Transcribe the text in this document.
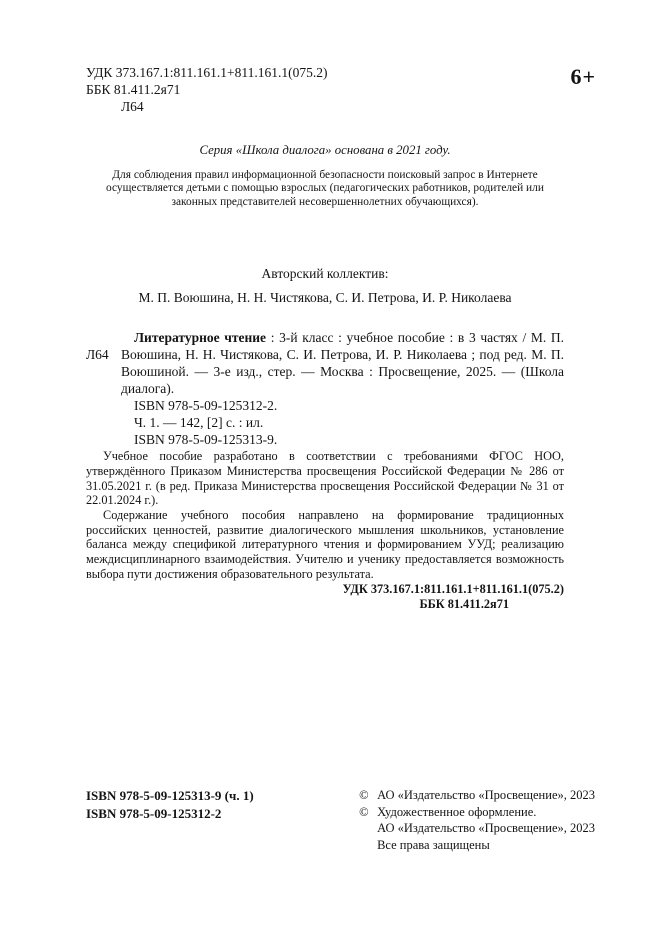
6+
УДК 373.167.1:811.161.1+811.161.1(075.2)
ББК 81.411.2я71
Л64

Серия «Школа диалога» основана в 2021 году.

Для соблюдения правил информационной безопасности поисковый запрос в Интернете осуществляется детьми с помощью взрослых (педагогических работников, родителей или законных представителей несовершеннолетних обучающихся).

Авторский коллектив:
М. П. Воюшина, Н. Н. Чистякова, С. И. Петрова, И. Р. Николаева
Л64

Литературное чтение : 3-й класс : учебное пособие : в 3 частях / М. П. Воюшина, Н. Н. Чистякова, С. И. Петрова, И. Р. Николаева ; под ред. М. П. Воюшиной. — 3-е изд., стер. — Москва : Просвещение, 2025. — (Школа диалога).

ISBN 978-5-09-125312-2.

Ч. 1. — 142, [2] с. : ил.

ISBN 978-5-09-125313-9.

Учебное пособие разработано в соответствии с требованиями ФГОС НОО, утверждённого Приказом Министерства просвещения Российской Федерации № 286 от 31.05.2021 г. (в ред. Приказа Министерства просвещения Российской Федерации № 31 от 22.01.2024 г.).

Содержание учебного пособия направлено на формирование традиционных российских ценностей, развитие диалогического мышления школьников, установление баланса между спецификой литературного чтения и формированием УУД; реализацию междисциплинарного взаимодействия. Учителю и ученику предоставляется возможность выбора пути достижения образовательного результата.

УДК 373.167.1:811.161.1+811.161.1(075.2)
ББК 81.411.2я71
ISBN 978-5-09-125313-9 (ч. 1)
ISBN 978-5-09-125312-2
© АО «Издательство «Просвещение», 2023
© Художественное оформление.
АО «Издательство «Просвещение», 2023
Все права защищены
